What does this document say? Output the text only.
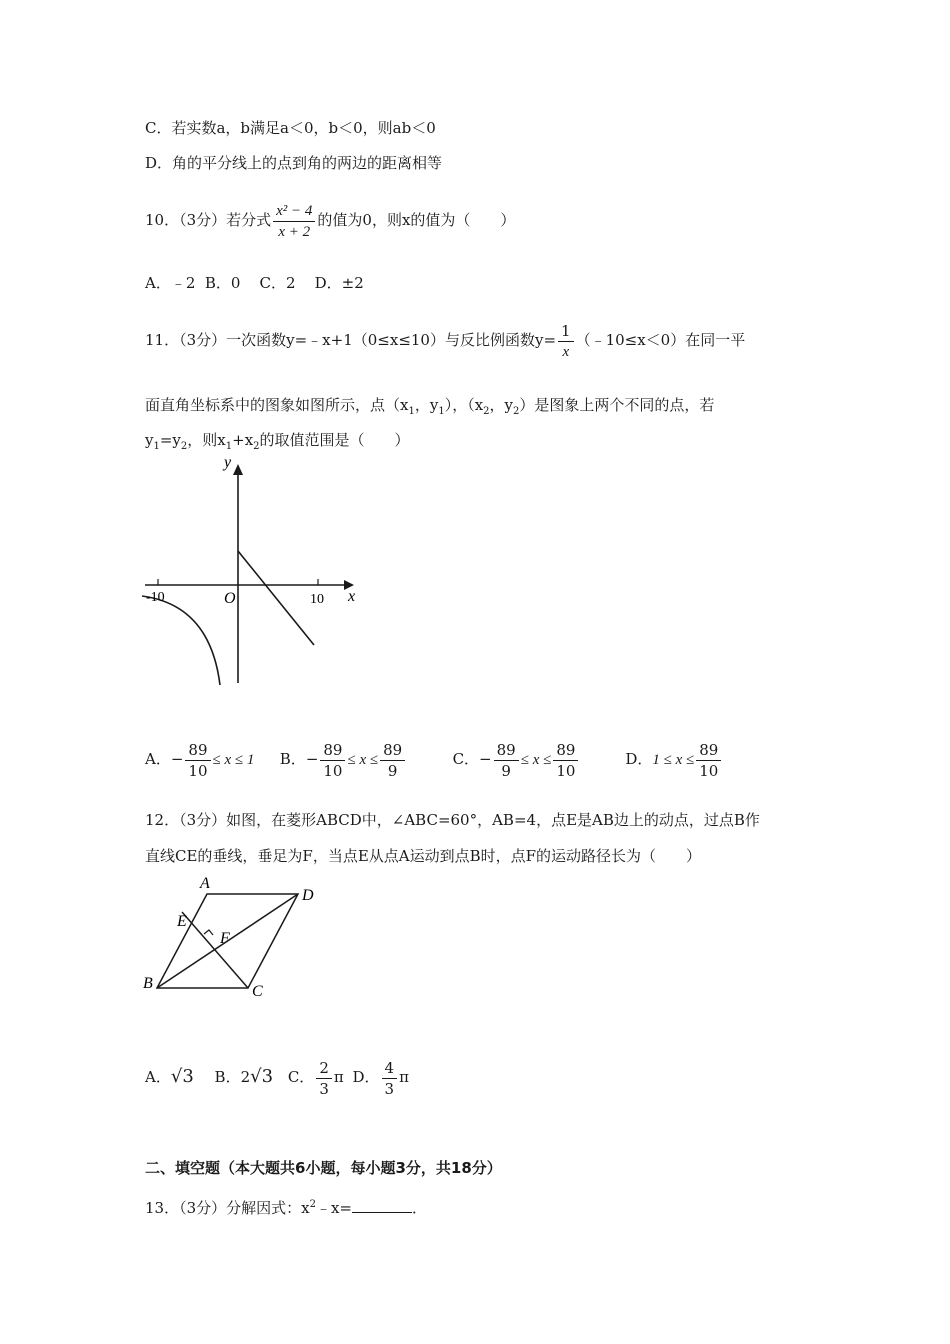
C．若实数a，b满足a＜0，b＜0，则ab＜0
D．角的平分线上的点到角的两边的距离相等
10．（3分）若分式 $\frac{\text{x² − 4}}{x + 2}$ 的值为0，则x的值为（　　）
A．﹣2  B．0    C．2    D．±2
11．（3分）一次函数y=﹣x+1（0≤x≤10）与反比例函数$y= \frac{1}{x}$ （﹣10≤x＜0）在同一平
面直角坐标系中的图象如图所示，点（$x_1$，$y_1$），（$x_2$，$y_2$）是图象上两个不同的点，若
$y_1=y_2$，则$x_1+x_2$的取值范围是（　　）
y
x
O
-10	10
A．− $\frac{89}{10} \le x \le 1$ B．− $\frac{89}{10} \le x \le \frac{89}{9}$	C．− $\frac{89}{9} \le x \le \frac{89}{10}$	D．$1 \le x \le \frac{89}{10}$
12．（3分）如图，在菱形ABCD中，∠ABC=60°，AB=4，点E是AB边上的动点，过点B作
直线CE的垂线，垂足为F，当点E从点A运动到点B时，点F的运动路径长为（　　）
A
D
E
F
B	C
A．√3 B．2√3 C． $\frac{2}{3}$ π D． $\frac{4}{3}$ π
二、填空题（本大题共6小题，每小题3分，共18分）
13．（3分）分解因式：$x^2﹣x=$	．
